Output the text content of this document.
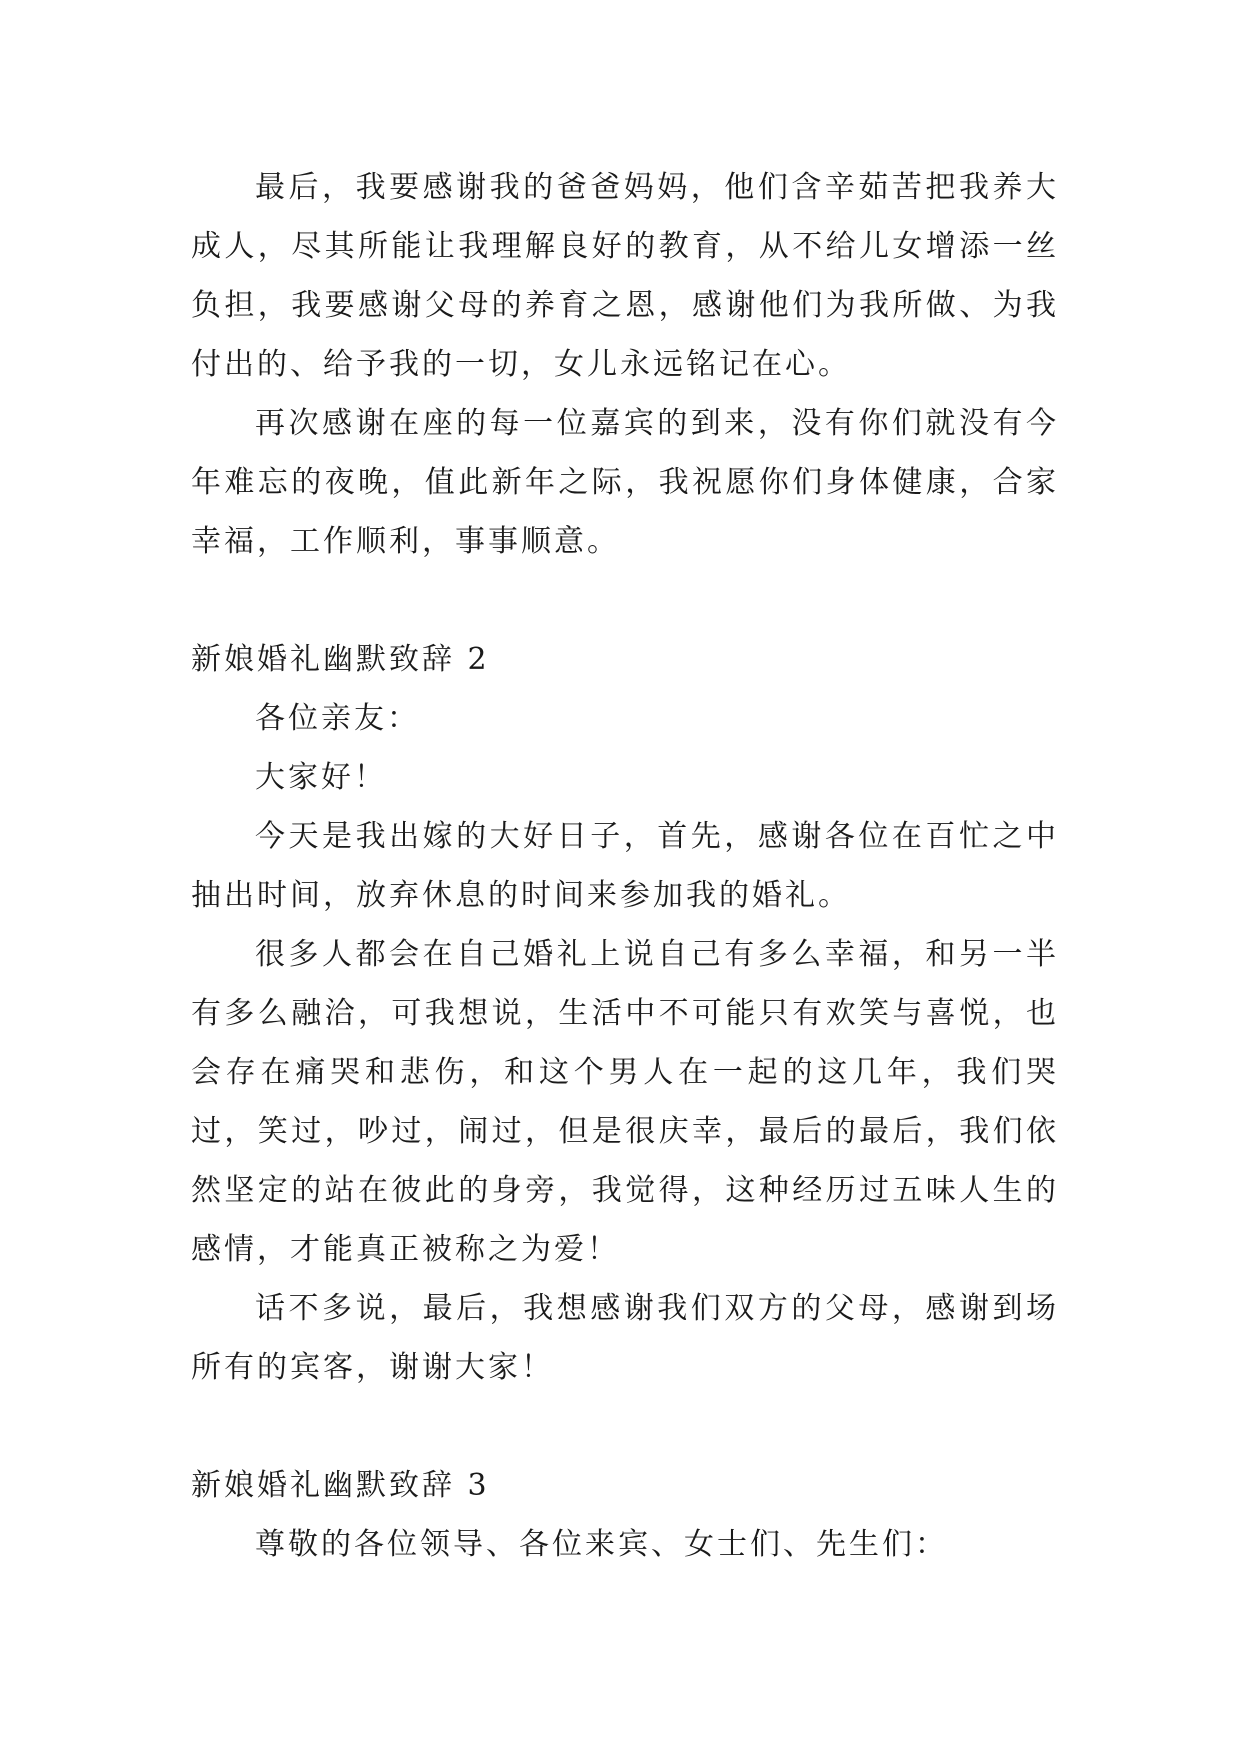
最后，我要感谢我的爸爸妈妈，他们含辛茹苦把我养大成人，尽其所能让我理解良好的教育，从不给儿女增添一丝负担，我要感谢父母的养育之恩，感谢他们为我所做、为我付出的、给予我的一切，女儿永远铭记在心。

再次感谢在座的每一位嘉宾的到来，没有你们就没有今年难忘的夜晚，值此新年之际，我祝愿你们身体健康，合家幸福，工作顺利，事事顺意。

新娘婚礼幽默致辞 2

各位亲友：

大家好！

今天是我出嫁的大好日子，首先，感谢各位在百忙之中抽出时间，放弃休息的时间来参加我的婚礼。

很多人都会在自己婚礼上说自己有多么幸福，和另一半有多么融洽，可我想说，生活中不可能只有欢笑与喜悦，也会存在痛哭和悲伤，和这个男人在一起的这几年，我们哭过，笑过，吵过，闹过，但是很庆幸，最后的最后，我们依然坚定的站在彼此的身旁，我觉得，这种经历过五味人生的感情，才能真正被称之为爱！

话不多说，最后，我想感谢我们双方的父母，感谢到场所有的宾客，谢谢大家！

新娘婚礼幽默致辞 3

尊敬的各位领导、各位来宾、女士们、先生们：
